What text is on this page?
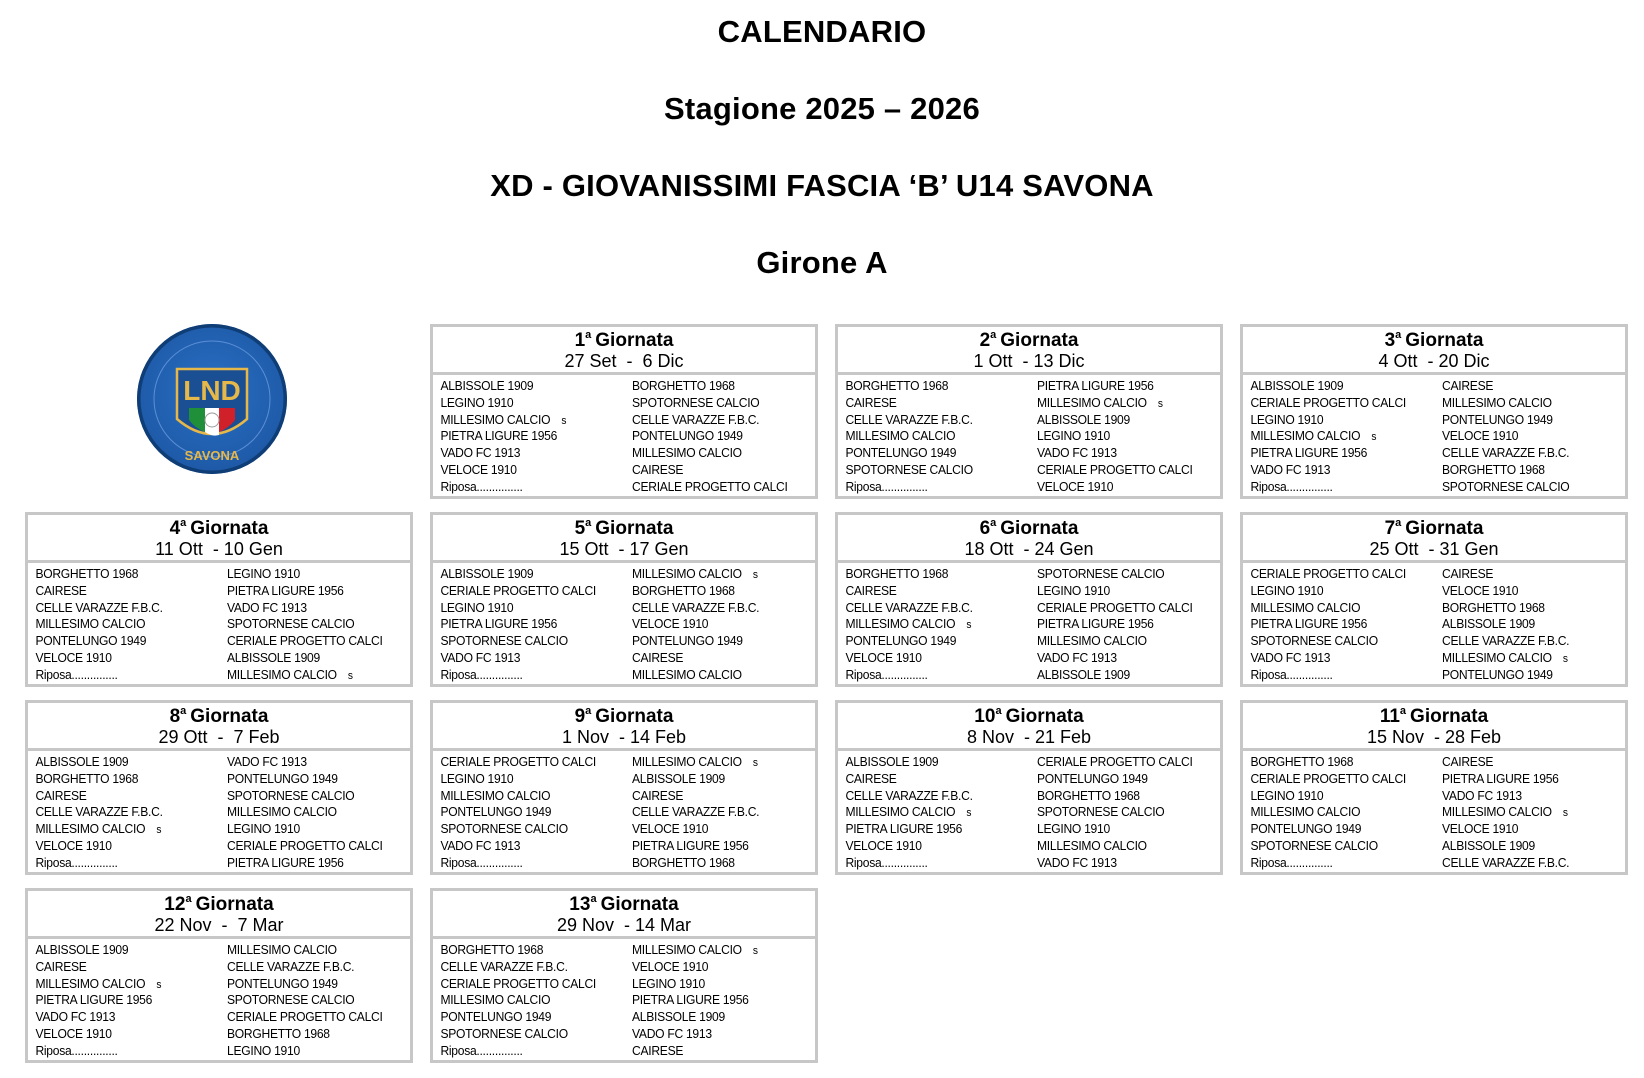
CALENDARIO
Stagione 2025 – 2026
XD - GIOVANISSIMI FASCIA ‘B’ U14 SAVONA
Girone A
LND
SAVONA
1$^a$ Giornata
27 Set  -  6 Dic
ALBISSOLE 1909	BORGHETTO 1968
LEGINO 1910	SPOTORNESE CALCIO
MILLESIMO CALCIO s	CELLE VARAZZE F.B.C.
PIETRA LIGURE 1956	PONTELUNGO 1949
VADO FC 1913	MILLESIMO CALCIO
VELOCE 1910	CAIRESE
Riposa...............	CERIALE PROGETTO CALCI
2$^a$ Giornata
1 Ott  - 13 Dic
BORGHETTO 1968	PIETRA LIGURE 1956
CAIRESE	MILLESIMO CALCIO s
CELLE VARAZZE F.B.C.	ALBISSOLE 1909
MILLESIMO CALCIO	LEGINO 1910
PONTELUNGO 1949	VADO FC 1913
SPOTORNESE CALCIO	CERIALE PROGETTO CALCI
Riposa...............	VELOCE 1910
3$^a$ Giornata
4 Ott  - 20 Dic
ALBISSOLE 1909	CAIRESE
CERIALE PROGETTO CALCI	MILLESIMO CALCIO
LEGINO 1910	PONTELUNGO 1949
MILLESIMO CALCIO s	VELOCE 1910
PIETRA LIGURE 1956	CELLE VARAZZE F.B.C.
VADO FC 1913	BORGHETTO 1968
Riposa...............	SPOTORNESE CALCIO
4$^a$ Giornata
11 Ott  - 10 Gen
BORGHETTO 1968	LEGINO 1910
CAIRESE	PIETRA LIGURE 1956
CELLE VARAZZE F.B.C.	VADO FC 1913
MILLESIMO CALCIO	SPOTORNESE CALCIO
PONTELUNGO 1949	CERIALE PROGETTO CALCI
VELOCE 1910	ALBISSOLE 1909
Riposa...............	MILLESIMO CALCIO s
5$^a$ Giornata
15 Ott  - 17 Gen
ALBISSOLE 1909	MILLESIMO CALCIO s
CERIALE PROGETTO CALCI	BORGHETTO 1968
LEGINO 1910	CELLE VARAZZE F.B.C.
PIETRA LIGURE 1956	VELOCE 1910
SPOTORNESE CALCIO	PONTELUNGO 1949
VADO FC 1913	CAIRESE
Riposa...............	MILLESIMO CALCIO
6$^a$ Giornata
18 Ott  - 24 Gen
BORGHETTO 1968	SPOTORNESE CALCIO
CAIRESE	LEGINO 1910
CELLE VARAZZE F.B.C.	CERIALE PROGETTO CALCI
MILLESIMO CALCIO s	PIETRA LIGURE 1956
PONTELUNGO 1949	MILLESIMO CALCIO
VELOCE 1910	VADO FC 1913
Riposa...............	ALBISSOLE 1909
7$^a$ Giornata
25 Ott  - 31 Gen
CERIALE PROGETTO CALCI	CAIRESE
LEGINO 1910	VELOCE 1910
MILLESIMO CALCIO	BORGHETTO 1968
PIETRA LIGURE 1956	ALBISSOLE 1909
SPOTORNESE CALCIO	CELLE VARAZZE F.B.C.
VADO FC 1913	MILLESIMO CALCIO s
Riposa...............	PONTELUNGO 1949
8$^a$ Giornata
29 Ott  -  7 Feb
ALBISSOLE 1909	VADO FC 1913
BORGHETTO 1968	PONTELUNGO 1949
CAIRESE	SPOTORNESE CALCIO
CELLE VARAZZE F.B.C.	MILLESIMO CALCIO
MILLESIMO CALCIO s	LEGINO 1910
VELOCE 1910	CERIALE PROGETTO CALCI
Riposa...............	PIETRA LIGURE 1956
9$^a$ Giornata
1 Nov  - 14 Feb
CERIALE PROGETTO CALCI	MILLESIMO CALCIO s
LEGINO 1910	ALBISSOLE 1909
MILLESIMO CALCIO	CAIRESE
PONTELUNGO 1949	CELLE VARAZZE F.B.C.
SPOTORNESE CALCIO	VELOCE 1910
VADO FC 1913	PIETRA LIGURE 1956
Riposa...............	BORGHETTO 1968
10$^a$ Giornata
8 Nov  - 21 Feb
ALBISSOLE 1909	CERIALE PROGETTO CALCI
CAIRESE	PONTELUNGO 1949
CELLE VARAZZE F.B.C.	BORGHETTO 1968
MILLESIMO CALCIO s	SPOTORNESE CALCIO
PIETRA LIGURE 1956	LEGINO 1910
VELOCE 1910	MILLESIMO CALCIO
Riposa...............	VADO FC 1913
11$^a$ Giornata
15 Nov  - 28 Feb
BORGHETTO 1968	CAIRESE
CERIALE PROGETTO CALCI	PIETRA LIGURE 1956
LEGINO 1910	VADO FC 1913
MILLESIMO CALCIO	MILLESIMO CALCIO s
PONTELUNGO 1949	VELOCE 1910
SPOTORNESE CALCIO	ALBISSOLE 1909
Riposa...............	CELLE VARAZZE F.B.C.
12$^a$ Giornata
22 Nov  -  7 Mar
ALBISSOLE 1909	MILLESIMO CALCIO
CAIRESE	CELLE VARAZZE F.B.C.
MILLESIMO CALCIO s	PONTELUNGO 1949
PIETRA LIGURE 1956	SPOTORNESE CALCIO
VADO FC 1913	CERIALE PROGETTO CALCI
VELOCE 1910	BORGHETTO 1968
Riposa...............	LEGINO 1910
13$^a$ Giornata
29 Nov  - 14 Mar
BORGHETTO 1968	MILLESIMO CALCIO s
CELLE VARAZZE F.B.C.	VELOCE 1910
CERIALE PROGETTO CALCI	LEGINO 1910
MILLESIMO CALCIO	PIETRA LIGURE 1956
PONTELUNGO 1949	ALBISSOLE 1909
SPOTORNESE CALCIO	VADO FC 1913
Riposa...............	CAIRESE
